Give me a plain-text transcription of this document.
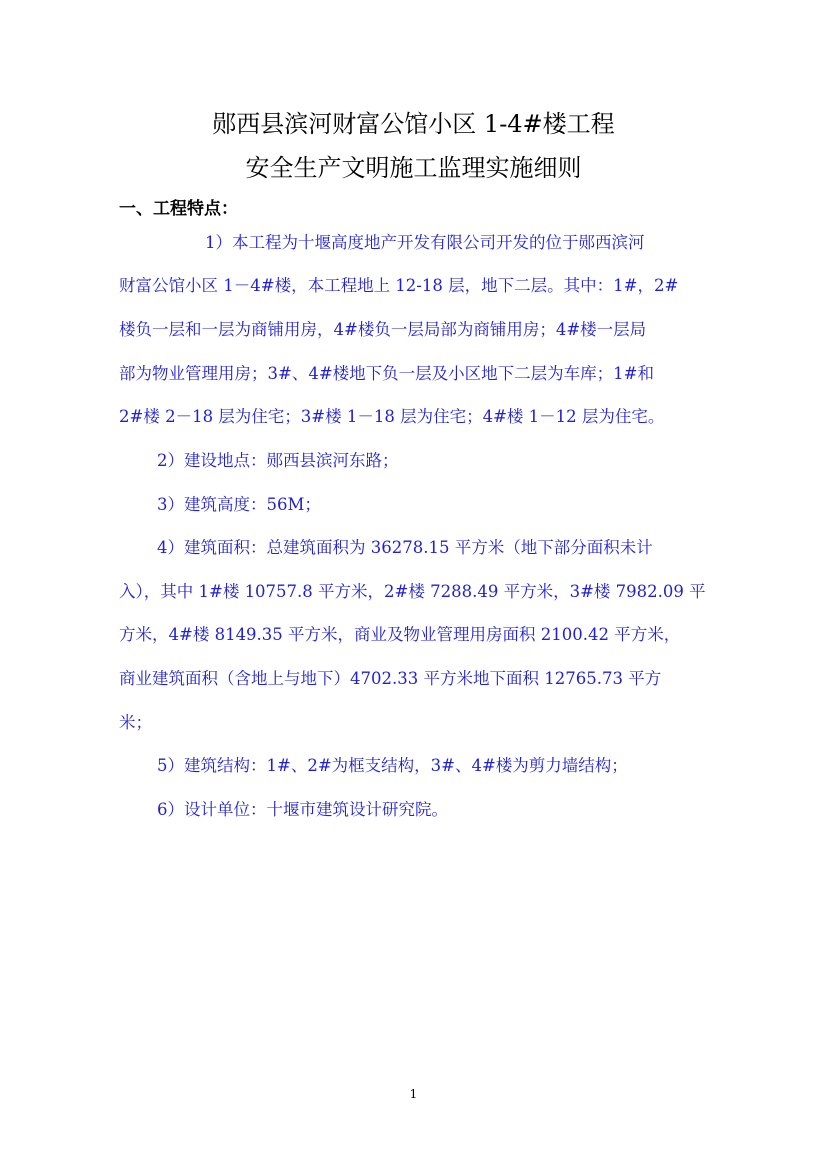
郧西县滨河财富公馆小区 1-4#楼工程
安全生产文明施工监理实施细则
一、工程特点：
1）本工程为十堰高度地产开发有限公司开发的位于郧西滨河
财富公馆小区 1－4#楼，本工程地上 12-18 层，地下二层。其中：1#，2#
楼负一层和一层为商铺用房，4#楼负一层局部为商铺用房；4#楼一层局
部为物业管理用房；3#、4#楼地下负一层及小区地下二层为车库；1#和
2#楼 2－18 层为住宅；3#楼 1－18 层为住宅；4#楼 1－12 层为住宅。
2）建设地点：郧西县滨河东路；
3）建筑高度：56M；
4）建筑面积：总建筑面积为 36278.15 平方米（地下部分面积未计
入），其中 1#楼 10757.8 平方米，2#楼 7288.49 平方米，3#楼 7982.09 平
方米，4#楼 8149.35 平方米，商业及物业管理用房面积 2100.42 平方米，
商业建筑面积（含地上与地下）4702.33 平方米地下面积 12765.73 平方
米；
5）建筑结构：1#、2#为框支结构，3#、4#楼为剪力墙结构；
6）设计单位：十堰市建筑设计研究院。
1
